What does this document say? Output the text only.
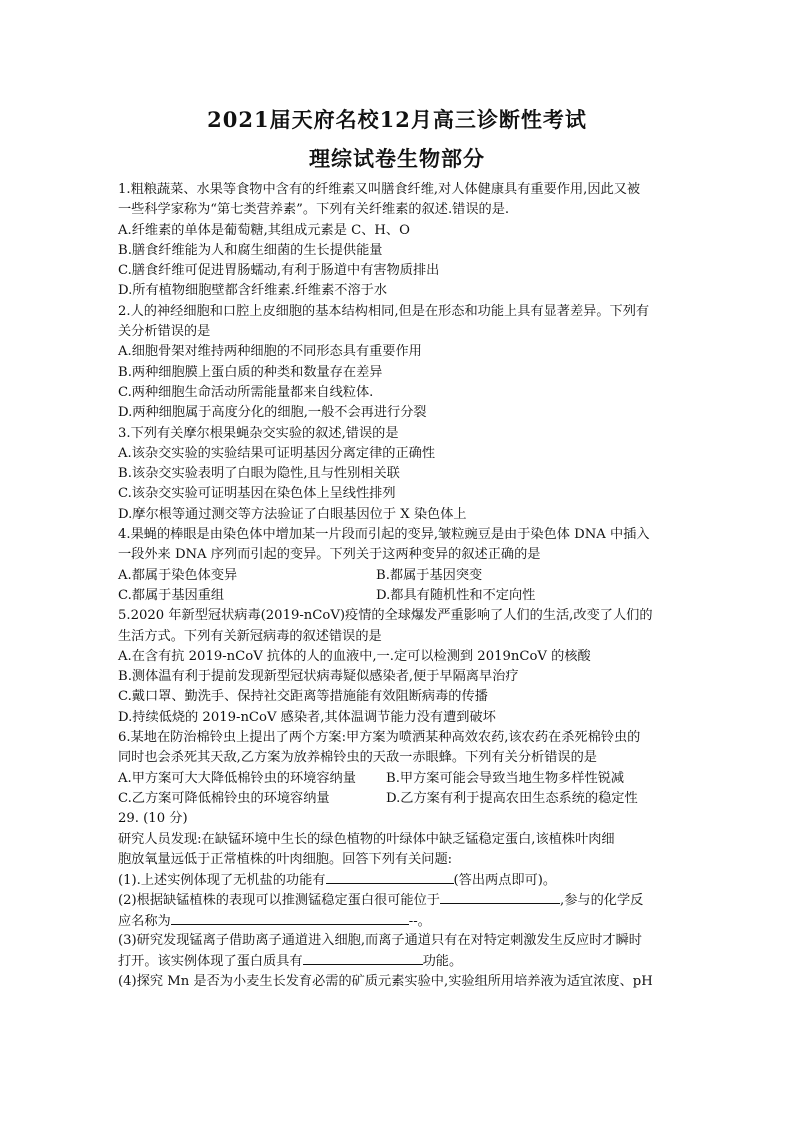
2021届天府名校12月高三诊断性考试
理综试卷生物部分
1.粗粮蔬菜、水果等食物中含有的纤维素又叫膳食纤维,对人体健康具有重要作用,因此又被
一些科学家称为“第七类营养素”。下列有关纤维素的叙述.错误的是.
A.纤维素的单体是葡萄糖,其组成元素是 C、H、O
B.膳食纤维能为人和腐生细菌的生长提供能量
C.膳食纤维可促进胃肠蠕动,有利于肠道中有害物质排出
D.所有植物细胞壁都含纤维素.纤维素不溶于水
2.人的神经细胞和口腔上皮细胞的基本结构相同,但是在形态和功能上具有显著差异。下列有
关分析错误的是
A.细胞骨架对维持两种细胞的不同形态具有重要作用
B.两种细胞膜上蛋白质的种类和数量存在差异
C.两种细胞生命活动所需能量都来自线粒体.
D.两种细胞属于高度分化的细胞,一般不会再进行分裂
3.下列有关摩尔根果蝇杂交实验的叙述,错误的是
A.该杂交实验的实验结果可证明基因分离定律的正确性
B.该杂交实验表明了白眼为隐性,且与性别相关联
C.该杂交实验可证明基因在染色体上呈线性排列
D.摩尔根等通过测交等方法验证了白眼基因位于 X 染色体上
4.果蝇的棒眼是由染色体中增加某一片段而引起的变异,皱粒豌豆是由于染色体 DNA 中插入
一段外来 DNA 序列而引起的变异。下列关于这两种变异的叙述正确的是
A.都属于染色体变异	B.都属于基因突变
C.都属于基因重组	D.都具有随机性和不定向性
5.2020 年新型冠状病毒(2019-nCoV)疫情的全球爆发严重影响了人们的生活,改变了人们的
生活方式。下列有关新冠病毒的叙述错误的是
A.在含有抗 2019-nCoV 抗体的人的血液中,一.定可以检测到 2019nCoV 的核酸
B.测体温有利于提前发现新型冠状病毒疑似感染者,便于早隔离早治疗
C.戴口罩、勤洗手、保持社交距离等措施能有效阻断病毒的传播
D.持续低烧的 2019-nCoV 感染者,其体温调节能力没有遭到破坏
6.某地在防治棉铃虫上提出了两个方案:甲方案为喷洒某种高效农药,该农药在杀死棉铃虫的
同时也会杀死其天敌,乙方案为放养棉铃虫的天敌一赤眼蜂。下列有关分析错误的是
A.甲方案可大大降低棉铃虫的环境容纳量	B.甲方案可能会导致当地生物多样性锐减
C.乙方案可降低棉铃虫的环境容纳量	D.乙方案有利于提高农田生态系统的稳定性
29. (10 分)
研究人员发现:在缺锰环境中生长的绿色植物的叶绿体中缺乏锰稳定蛋白,该植株叶肉细
胞放氧量远低于正常植株的叶肉细胞。回答下列有关问题:
(1).上述实例体现了无机盐的功能有	(答出两点即可)。
(2)根据缺锰植株的表现可以推测锰稳定蛋白很可能位于	,参与的化学反
应名称为	--。
(3)研究发现锰离子借助离子通道进入细胞,而离子通道只有在对特定刺激发生反应时才瞬时
打开。该实例体现了蛋白质具有	功能。
(4)探究 Mn 是否为小麦生长发育必需的矿质元素实验中,实验组所用培养液为适宜浓度、pH
